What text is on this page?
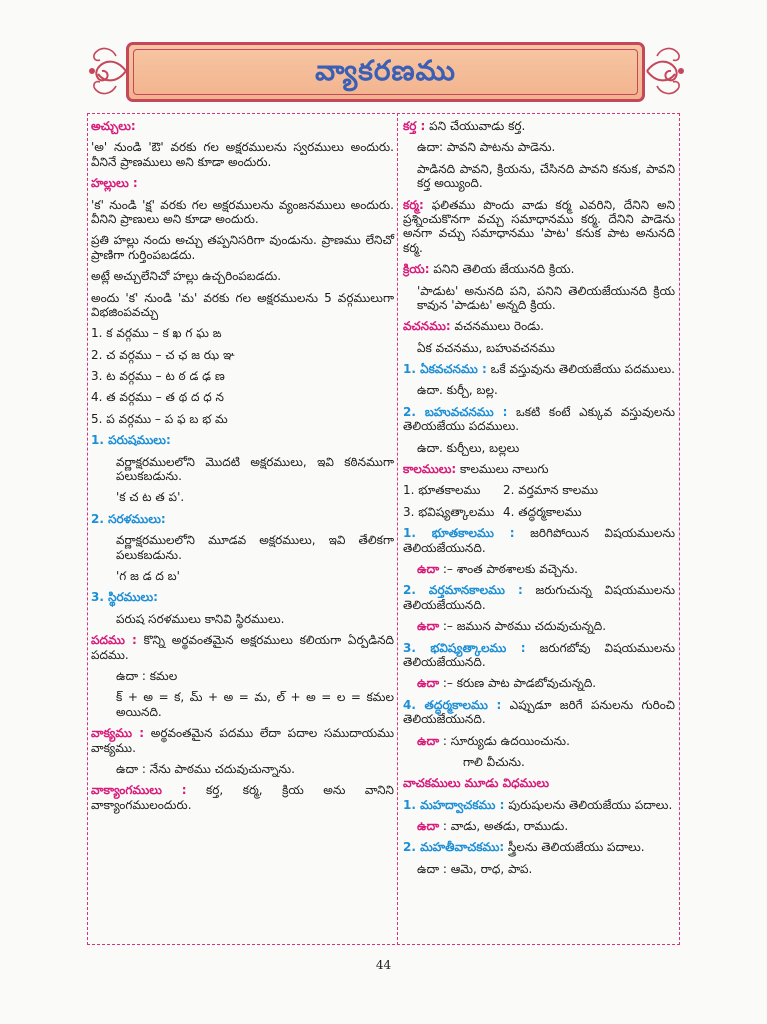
వ్యాకరణము
అచ్చులు:
'అ' నుండి 'ఔ' వరకు గల అక్షరములను స్వరములు అందురు. వీనినే ప్రాణములు అని కూడా అందురు.
హల్లులు :
'క' నుండి 'క్ష' వరకు గల అక్షరములను వ్యంజనములు అందురు. వీనిని ప్రాణులు అని కూడా అందురు.
ప్రతి హల్లు నందు అచ్చు తప్పనిసరిగా వుండును. ప్రాణము లేనిచో ప్రాణిగా గుర్తింపబడదు.
అట్లే అచ్చులేనిచో హల్లు ఉచ్చరింపబడదు.
అందు 'క' నుండి 'మ' వరకు గల అక్షరములను 5 వర్గములుగా విభజింపవచ్చు
1. క వర్గము – క ఖ గ ఘ ఙ
2. చ వర్గము – చ ఛ జ ఝ ఞ
3. ట వర్గము – ట ఠ డ ఢ ణ
4. త వర్గము – త థ ద ధ న
5. ప వర్గము – ప ఫ బ భ మ
1. పరుషములు:
వర్ణాక్షరములలోని మొదటి అక్షరములు, ఇవి కఠినముగా పలుకబడును.
'క చ ట త ప'.
2. సరళములు:
వర్ణాక్షరములలోని మూడవ అక్షరములు, ఇవి తేలికగా పలుకబడును.
'గ జ డ ద బ'
3. స్థిరములు:
పరుష సరళములు కానివి స్థిరములు.
పదము : కొన్ని అర్థవంతమైన అక్షరములు కలియగా ఏర్పడినది పదము.
ఉదా : కమల
క్ + అ = క, మ్ + అ = మ, ల్ + అ = ల = కమల అయినది.
వాక్యము : అర్థవంతమైన పదము లేదా పదాల సముదాయము వాక్యము.
ఉదా : నేను పాఠము చదువుచున్నాను.
వాక్యాంగములు : కర్త, కర్మ, క్రియ అను వానిని వాక్యాంగములందురు.
కర్త : పని చేయువాడు కర్త.
ఉదా: పావని పాటను పాడెను.
పాడినది పావని, క్రియను, చేసినది పావని కనుక, పావని కర్త అయ్యింది.
కర్మ: ఫలితము పొందు వాడు కర్మ ఎవరిని, దేనిని అని ప్రశ్నించుకొనగా వచ్చు సమాధానము కర్మ. దేనిని పాడెను అనగా వచ్చు సమాధానము 'పాట' కనుక పాట అనునది కర్మ.
క్రియ: పనిని తెలియ జేయునది క్రియ.
'పాడుట' అనునది పని, పనిని తెలియజేయునది క్రియ కావున 'పాడుట' అన్నది క్రియ.
వచనము: వచనములు రెండు.
ఏక వచనము, బహువచనము
1. ఏకవచనము : ఒకే వస్తువును తెలియజేయు పదములు.
ఉదా. కుర్చీ, బల్ల.
2. బహువచనము : ఒకటి కంటే ఎక్కువ వస్తువులను తెలియజేయు పదములు.
ఉదా. కుర్చీలు, బల్లలు
కాలములు: కాలములు నాలుగు
1. భూతకాలము 2. వర్తమాన కాలము
3. భవిష్యత్కాలము 4. తద్ధర్మకాలము
1. భూతకాలము : జరిగిపోయిన విషయములను తెలియజేయునది.
ఉదా :– శాంత పాఠశాలకు వచ్చెను.
2. వర్తమానకాలము : జరుగుచున్న విషయములను తెలియజేయునది.
ఉదా :– జమున పాఠము చదువుచున్నది.
3. భవిష్యత్కాలము : జరుగబోవు విషయములను తెలియజేయునది.
ఉదా :– కరుణ పాట పాడబోవుచున్నది.
4. తద్ధర్మకాలము : ఎప్పుడూ జరిగే పనులను గురించి తెలియజేయునది.
ఉదా : సూర్యుడు ఉదయించును.
గాలి వీచును.
వాచకములు మూడు విధములు
1. మహద్వాచకము : పురుషులను తెలియజేయు పదాలు.
ఉదా : వాడు, అతడు, రాముడు.
2. మహతీవాచకము: స్త్రీలను తెలియజేయు పదాలు.
ఉదా : ఆమె, రాధ, పాప.
44
